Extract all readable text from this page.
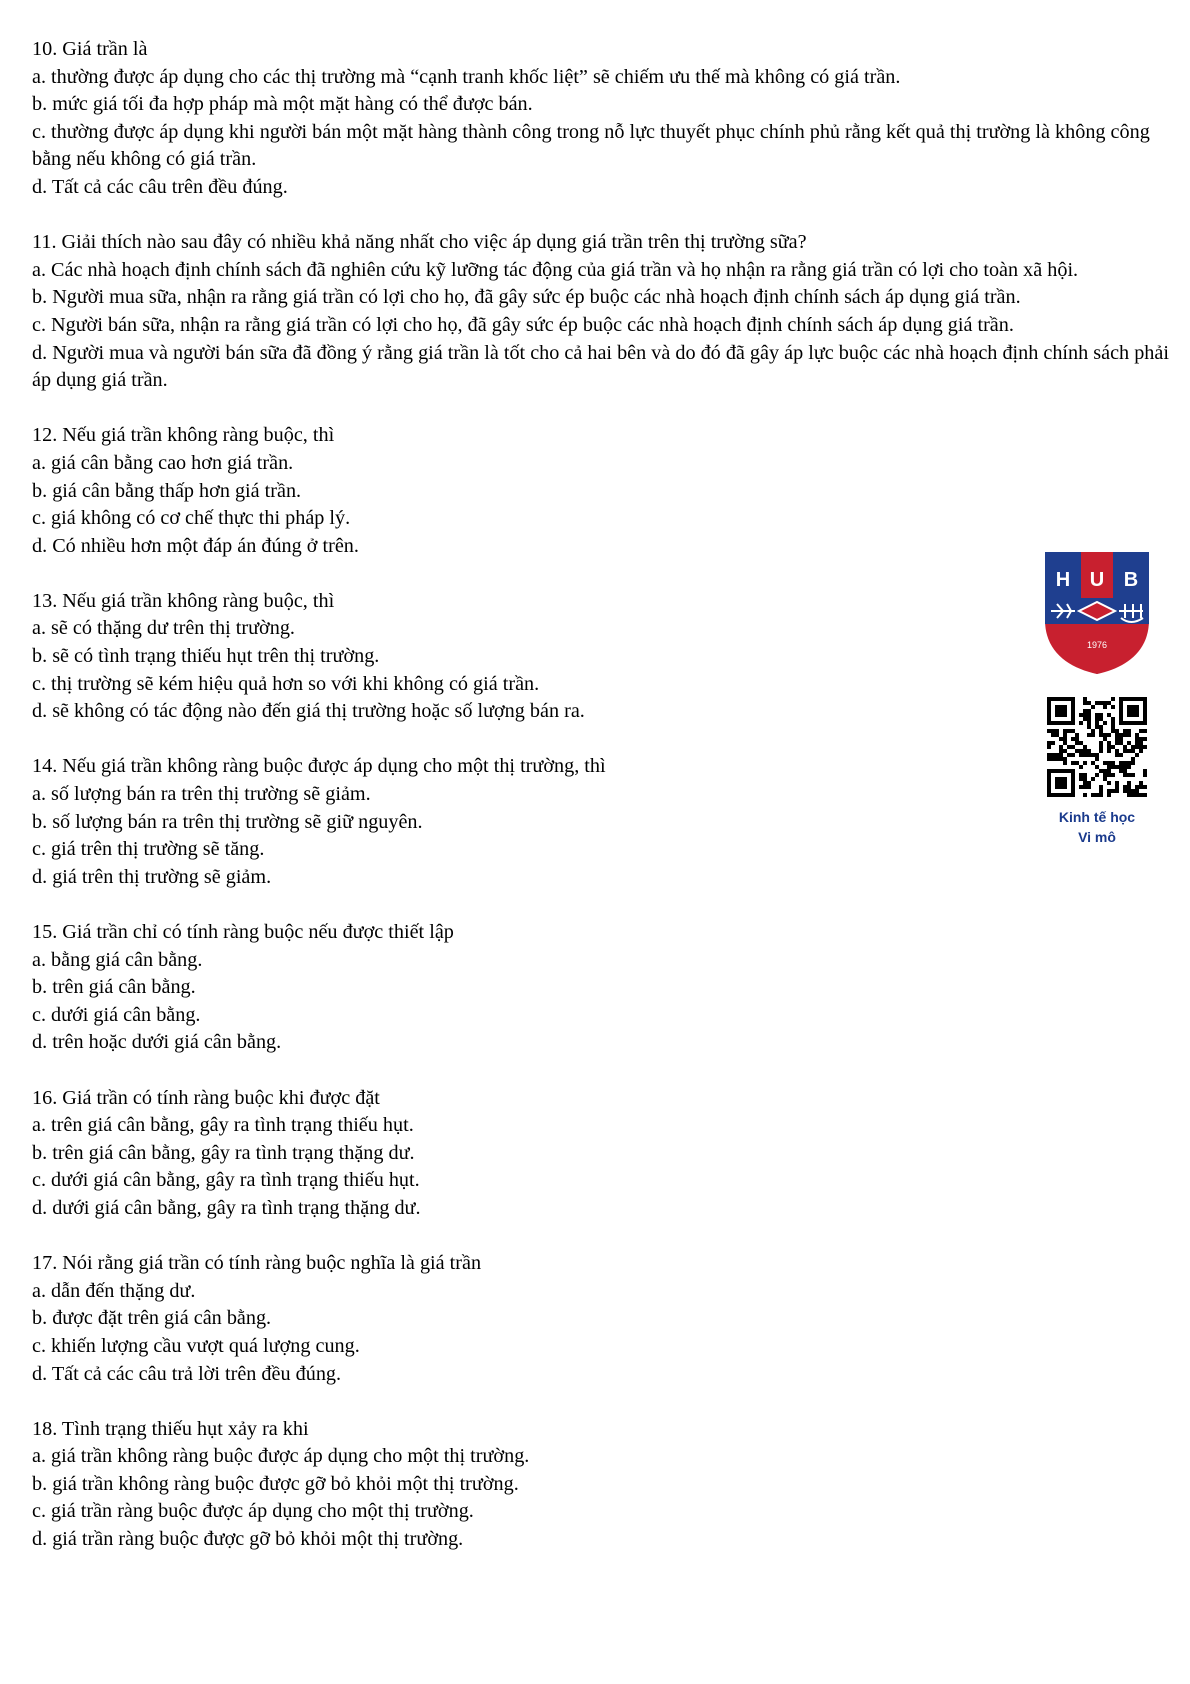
10. Giá trần là
a. thường được áp dụng cho các thị trường mà “cạnh tranh khốc liệt” sẽ chiếm ưu thế mà không có giá trần.
b. mức giá tối đa hợp pháp mà một mặt hàng có thể được bán.
c. thường được áp dụng khi người bán một mặt hàng thành công trong nỗ lực thuyết phục chính phủ rằng kết quả thị trường là không công bằng nếu không có giá trần.
d. Tất cả các câu trên đều đúng.
11. Giải thích nào sau đây có nhiều khả năng nhất cho việc áp dụng giá trần trên thị trường sữa?
a. Các nhà hoạch định chính sách đã nghiên cứu kỹ lưỡng tác động của giá trần và họ nhận ra rằng giá trần có lợi cho toàn xã hội.
b. Người mua sữa, nhận ra rằng giá trần có lợi cho họ, đã gây sức ép buộc các nhà hoạch định chính sách áp dụng giá trần.
c. Người bán sữa, nhận ra rằng giá trần có lợi cho họ, đã gây sức ép buộc các nhà hoạch định chính sách áp dụng giá trần.
d. Người mua và người bán sữa đã đồng ý rằng giá trần là tốt cho cả hai bên và do đó đã gây áp lực buộc các nhà hoạch định chính sách phải áp dụng giá trần.
12. Nếu giá trần không ràng buộc, thì
a. giá cân bằng cao hơn giá trần.
b. giá cân bằng thấp hơn giá trần.
c. giá không có cơ chế thực thi pháp lý.
d. Có nhiều hơn một đáp án đúng ở trên.
13. Nếu giá trần không ràng buộc, thì
a. sẽ có thặng dư trên thị trường.
b. sẽ có tình trạng thiếu hụt trên thị trường.
c. thị trường sẽ kém hiệu quả hơn so với khi không có giá trần.
d. sẽ không có tác động nào đến giá thị trường hoặc số lượng bán ra.
14. Nếu giá trần không ràng buộc được áp dụng cho một thị trường, thì
a. số lượng bán ra trên thị trường sẽ giảm.
b. số lượng bán ra trên thị trường sẽ giữ nguyên.
c. giá trên thị trường sẽ tăng.
d. giá trên thị trường sẽ giảm.
15. Giá trần chỉ có tính ràng buộc nếu được thiết lập
a. bằng giá cân bằng.
b. trên giá cân bằng.
c. dưới giá cân bằng.
d. trên hoặc dưới giá cân bằng.
16. Giá trần có tính ràng buộc khi được đặt
a. trên giá cân bằng, gây ra tình trạng thiếu hụt.
b. trên giá cân bằng, gây ra tình trạng thặng dư.
c. dưới giá cân bằng, gây ra tình trạng thiếu hụt.
d. dưới giá cân bằng, gây ra tình trạng thặng dư.
17. Nói rằng giá trần có tính ràng buộc nghĩa là giá trần
a. dẫn đến thặng dư.
b. được đặt trên giá cân bằng.
c. khiến lượng cầu vượt quá lượng cung.
d. Tất cả các câu trả lời trên đều đúng.
18. Tình trạng thiếu hụt xảy ra khi
a. giá trần không ràng buộc được áp dụng cho một thị trường.
b. giá trần không ràng buộc được gỡ bỏ khỏi một thị trường.
c. giá trần ràng buộc được áp dụng cho một thị trường.
d. giá trần ràng buộc được gỡ bỏ khỏi một thị trường.
H U B
1976
Kinh tế học
Vi mô
